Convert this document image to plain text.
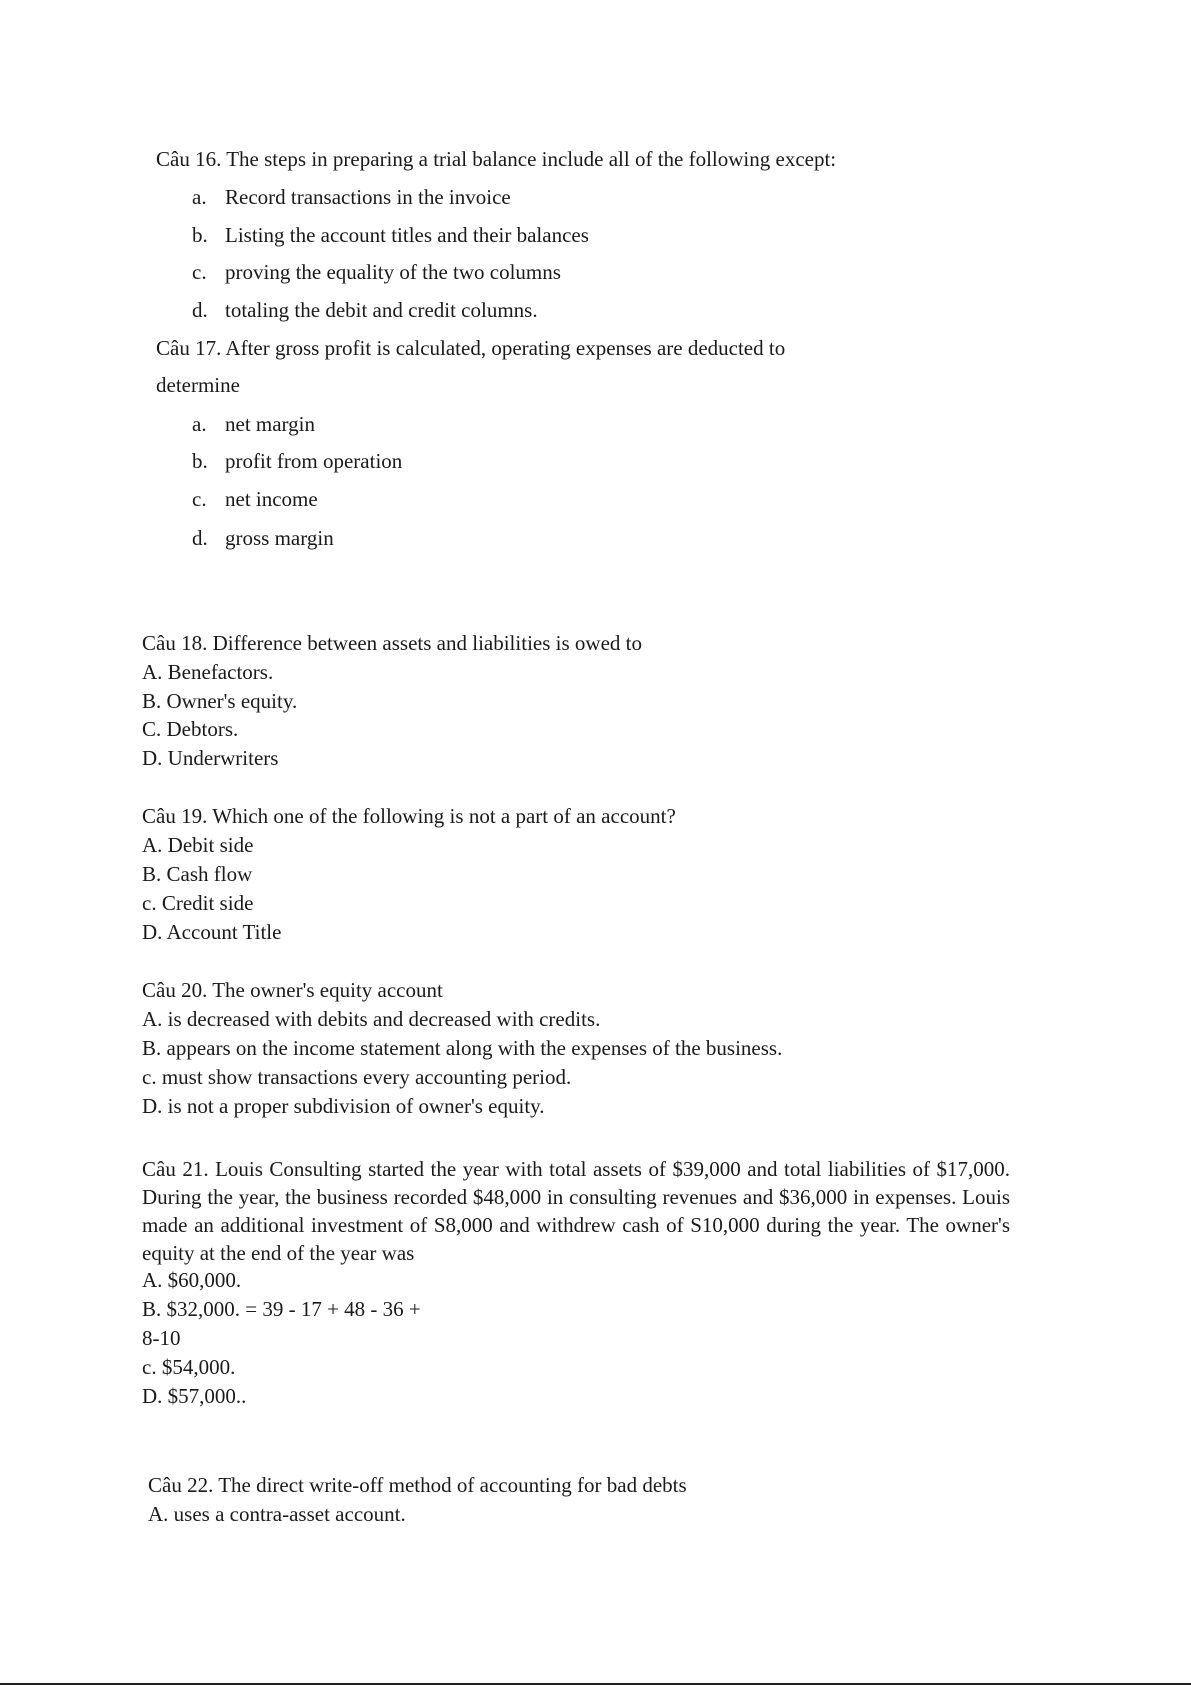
Câu 16. The steps in preparing a trial balance include all of the following except:
a. Record transactions in the invoice
b. Listing the account titles and their balances
c. proving the equality of the two columns
d. totaling the debit and credit columns.
Câu 17. After gross profit is calculated, operating expenses are deducted to
determine
a. net margin
b. profit from operation
c. net income
d. gross margin
Câu 18. Difference between assets and liabilities is owed to
A. Benefactors.
B. Owner's equity.
C. Debtors.
D. Underwriters
Câu 19. Which one of the following is not a part of an account?
A. Debit side
B. Cash flow
c. Credit side
D. Account Title
Câu 20. The owner's equity account
A. is decreased with debits and decreased with credits.
B. appears on the income statement along with the expenses of the business.
c. must show transactions every accounting period.
D. is not a proper subdivision of owner's equity.
Câu 21. Louis Consulting started the year with total assets of $39,000 and total liabilities of $17,000. During the year, the business recorded $48,000 in consulting revenues and $36,000 in expenses. Louis made an additional investment of S8,000 and withdrew cash of S10,000 during the year. The owner's equity at the end of the year was
A. $60,000.
B. $32,000. = 39 - 17 + 48 - 36 +
8-10
c. $54,000.
D. $57,000..
Câu 22. The direct write-off method of accounting for bad debts
A. uses a contra-asset account.
